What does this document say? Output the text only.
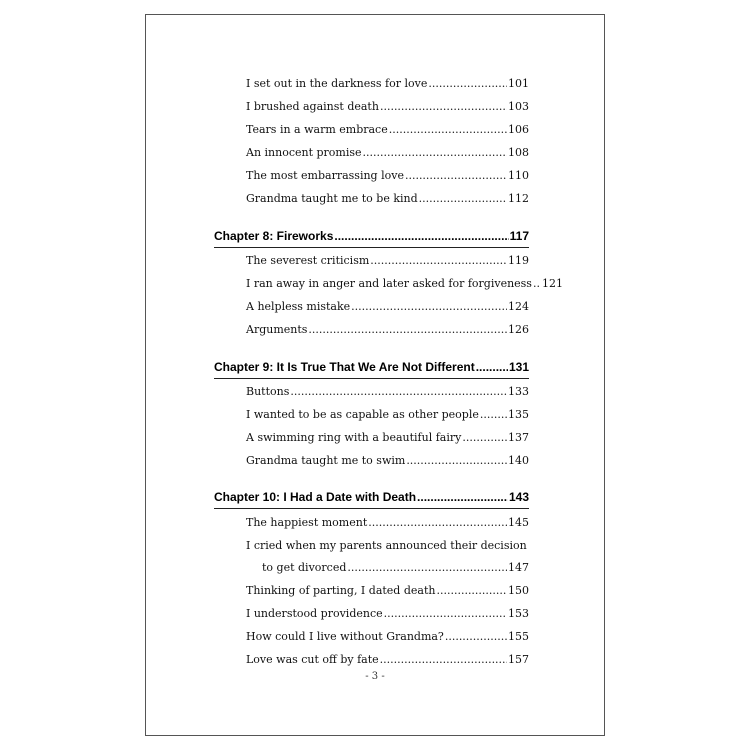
I set out in the darkness for love .....	101
I brushed against death .....	103
Tears in a warm embrace .....	106
An innocent promise .....	108
The most embarrassing love .....	110
Grandma taught me to be kind .....	112
Chapter 8: Fireworks .....	117
The severest criticism .....	119
I ran away in anger and later asked for forgiveness ..... 121
A helpless mistake .....	124
Arguments .....	126
Chapter 9: It Is True That We Are Not Different .....	131
Buttons .....	133
I wanted to be as capable as other people .....	135
A swimming ring with a beautiful fairy .....	137
Grandma taught me to swim .....	140
Chapter 10: I Had a Date with Death .....	143
The happiest moment .....	145
I cried when my parents announced their decision
to get divorced .....	147
Thinking of parting, I dated death .....	150
I understood providence .....	153
How could I live without Grandma? .....	155
Love was cut off by fate .....	157
- 3 -
